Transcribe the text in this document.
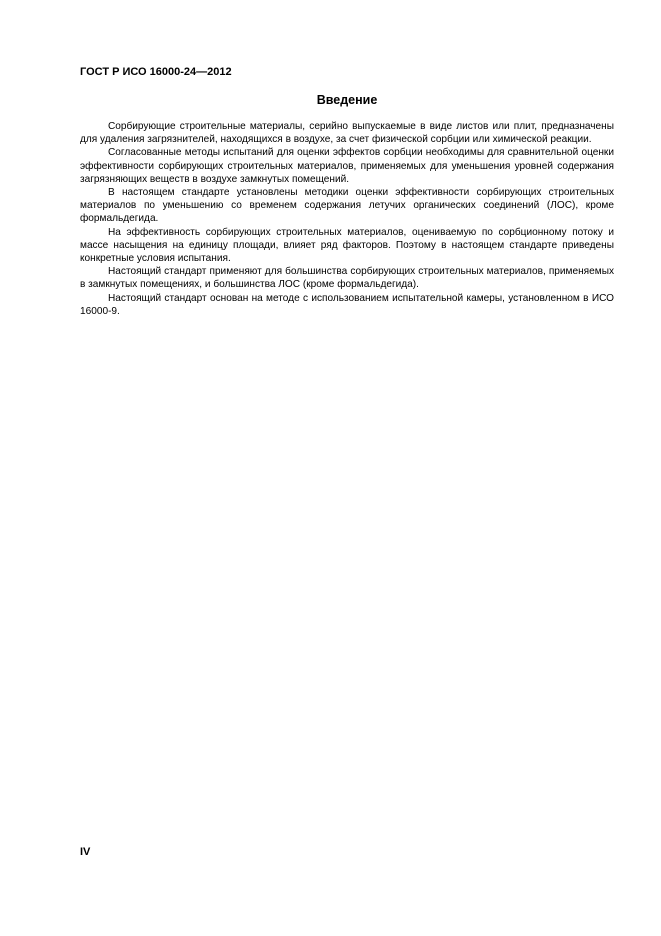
ГОСТ Р ИСО 16000-24—2012
Введение

Сорбирующие строительные материалы, серийно выпускаемые в виде листов или плит, предназначены для удаления загрязнителей, находящихся в воздухе, за счет физической сорбции или химической реакции.

Согласованные методы испытаний для оценки эффектов сорбции необходимы для сравнительной оценки эффективности сорбирующих строительных материалов, применяемых для уменьшения уровней содержания загрязняющих веществ в воздухе замкнутых помещений.

В настоящем стандарте установлены методики оценки эффективности сорбирующих строительных материалов по уменьшению со временем содержания летучих органических соединений (ЛОС), кроме формальдегида.

На эффективность сорбирующих строительных материалов, оцениваемую по сорбционному потоку и массе насыщения на единицу площади, влияет ряд факторов. Поэтому в настоящем стандарте приведены конкретные условия испытания.

Настоящий стандарт применяют для большинства сорбирующих строительных материалов, применяемых в замкнутых помещениях, и большинства ЛОС (кроме формальдегида).

Настоящий стандарт основан на методе с использованием испытательной камеры, установленном в ИСО 16000-9.

IV
